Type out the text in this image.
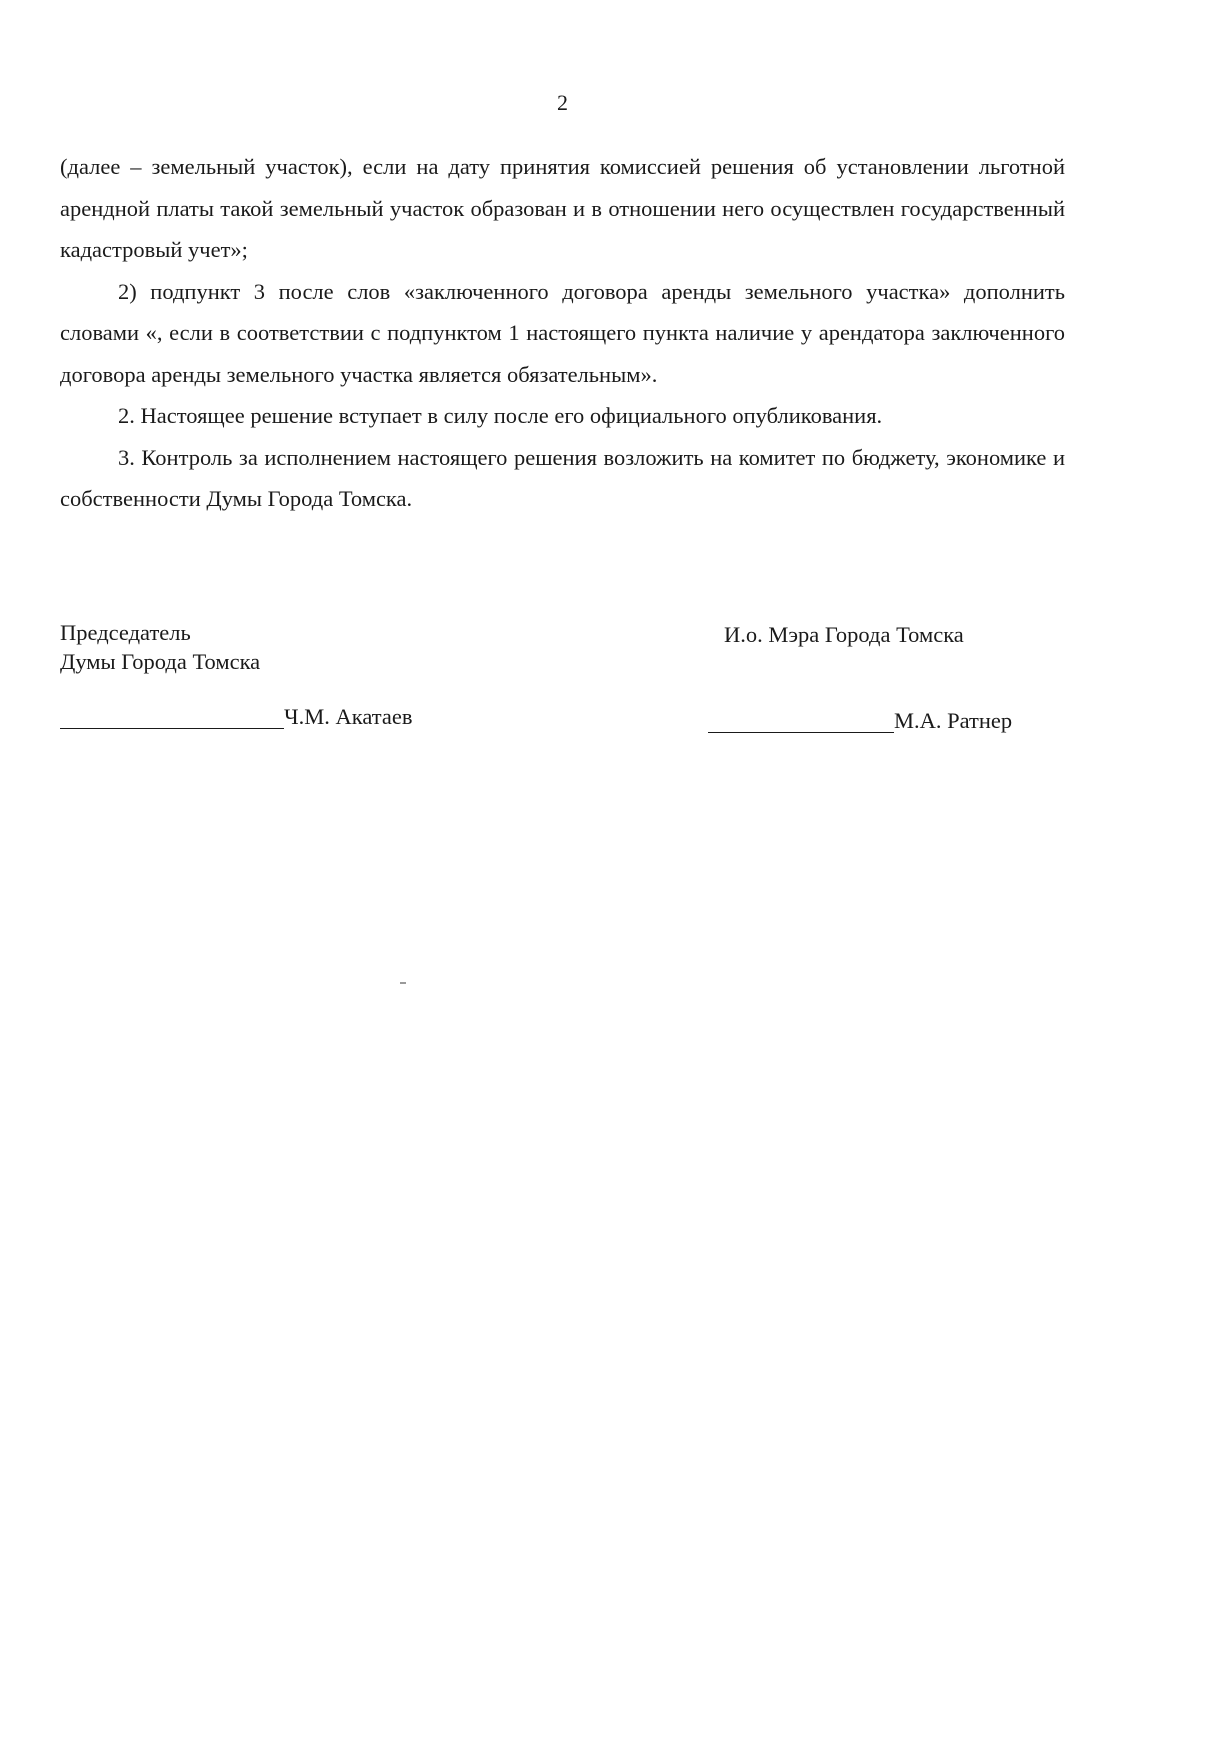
2

(далее – земельный участок), если на дату принятия комиссией решения об установлении льготной арендной платы такой земельный участок образован и в отношении него осуществлен государственный кадастровый учет»;

2) подпункт 3 после слов «заключенного договора аренды земельного участка» дополнить словами «, если в соответствии с подпунктом 1 настоящего пункта наличие у арендатора заключенного договора аренды земельного участка является обязательным».

2. Настоящее решение вступает в силу после его официального опубликования.

3. Контроль за исполнением настоящего решения возложить на комитет по бюджету, экономике и собственности Думы Города Томска.

Председатель
Думы Города Томска
И.о. Мэра Города Томска
Ч.М. Акатаев	М.А. Ратнер
